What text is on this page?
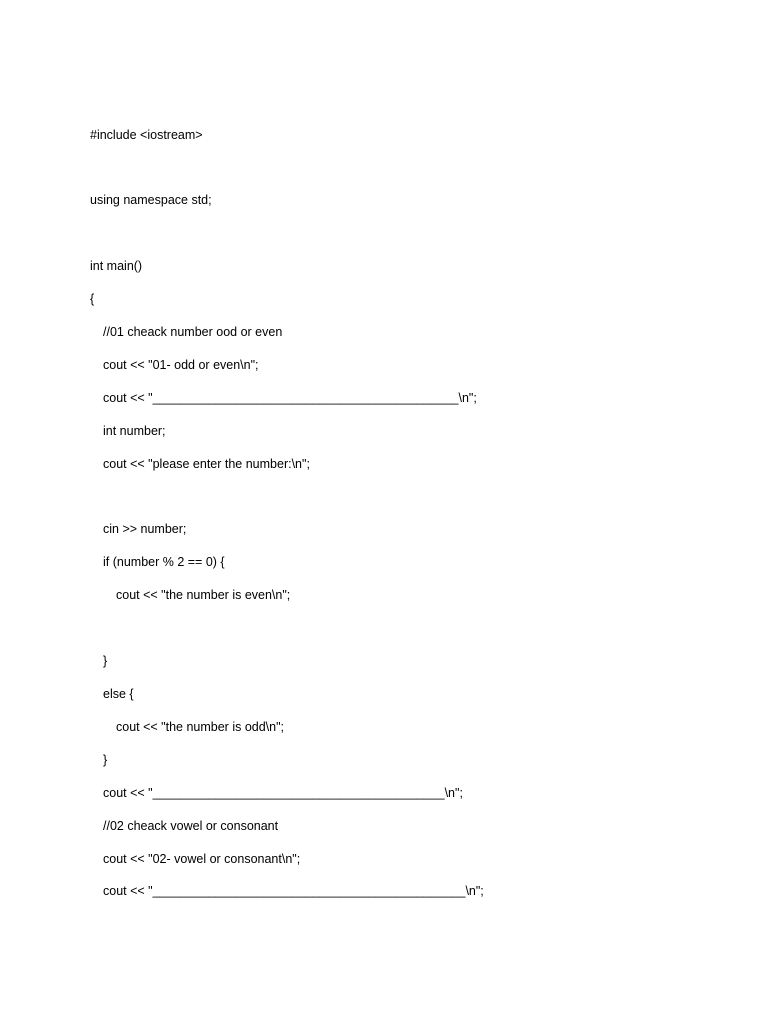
#include <iostream>
using namespace std;
int main()
{
//01 cheack number ood or even
cout << "01- odd or even\n";
cout << "____________________________________________\n";
int number;
cout << "please enter the number:\n";
cin >> number;
if (number % 2 == 0) {
cout << "the number is even\n";
}
else {
cout << "the number is odd\n";
}
cout << "__________________________________________\n";
//02 cheack vowel or consonant
cout << "02- vowel or consonant\n";
cout << "_____________________________________________\n";
